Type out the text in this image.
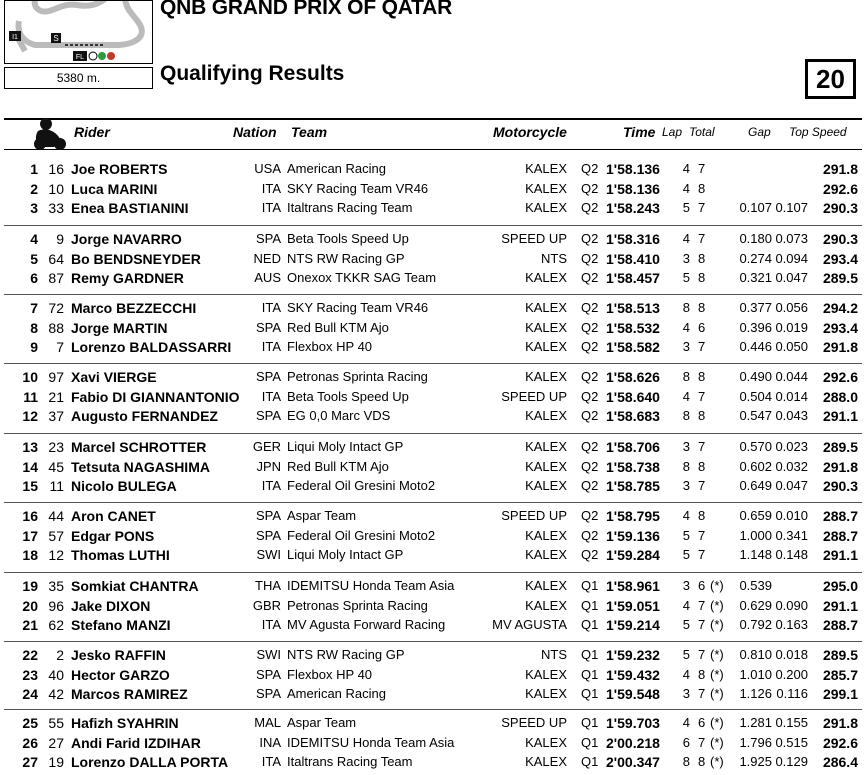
I1	S
FL
5380 m.
QNB GRAND PRIX OF QATAR
Qualifying Results	20
Rider	Nation Team	Motorcycle	Time Lap Total	Gap Top Speed
1 16 Joe ROBERTS	USA American Racing	KALEX Q2 1'58.136 4 7	291.8
2 10 Luca MARINI	ITA SKY Racing Team VR46	KALEX Q2 1'58.136 4 8	292.6
3 33 Enea BASTIANINI	ITA Italtrans Racing Team	KALEX Q2 1'58.243 5 7	0.107 0.107	290.3
4	9 Jorge NAVARRO	SPA Beta Tools Speed Up	SPEED UP Q2 1'58.316 4 7	0.180 0.073	290.3
5 64 Bo BENDSNEYDER	NED NTS RW Racing GP	NTS Q2 1'58.410 3 8	0.274 0.094	293.4
6 87 Remy GARDNER	AUS Onexox TKKR SAG Team	KALEX Q2 1'58.457 5 8	0.321 0.047	289.5
7 72 Marco BEZZECCHI	ITA SKY Racing Team VR46	KALEX Q2 1'58.513 8 8	0.377 0.056	294.2
8 88 Jorge MARTIN	SPA Red Bull KTM Ajo	KALEX Q2 1'58.532 4 6	0.396 0.019	293.4
9	7 Lorenzo BALDASSARRI	ITA Flexbox HP 40	KALEX Q2 1'58.582 3 7	0.446 0.050	291.8
10 97 Xavi VIERGE	SPA Petronas Sprinta Racing	KALEX Q2 1'58.626 8 8	0.490 0.044	292.6
11 21 Fabio DI GIANNANTONIO	ITA Beta Tools Speed Up	SPEED UP Q2 1'58.640 4 7	0.504 0.014	288.0
12 37 Augusto FERNANDEZ	SPA EG 0,0 Marc VDS	KALEX Q2 1'58.683 8 8	0.547 0.043	291.1
13 23 Marcel SCHROTTER	GER Liqui Moly Intact GP	KALEX Q2 1'58.706 3 7	0.570 0.023	289.5
14 45 Tetsuta NAGASHIMA	JPN Red Bull KTM Ajo	KALEX Q2 1'58.738 8 8	0.602 0.032	291.8
15 11 Nicolo BULEGA	ITA Federal Oil Gresini Moto2	KALEX Q2 1'58.785 3 7	0.649 0.047	290.3
16 44 Aron CANET	SPA Aspar Team	SPEED UP Q2 1'58.795 4 8	0.659 0.010	288.7
17 57 Edgar PONS	SPA Federal Oil Gresini Moto2	KALEX Q2 1'59.136 5 7	1.000 0.341	288.7
18 12 Thomas LUTHI	SWI Liqui Moly Intact GP	KALEX Q2 1'59.284 5 7	1.148 0.148	291.1
19 35 Somkiat CHANTRA	THA IDEMITSU Honda Team Asia	KALEX Q1 1'58.961 3 6 (*)	0.539	295.0
20 96 Jake DIXON	GBR Petronas Sprinta Racing	KALEX Q1 1'59.051 4 7 (*)	0.629 0.090	291.1
21 62 Stefano MANZI	ITA MV Agusta Forward Racing	MV AGUSTA Q1 1'59.214 5 7 (*)	0.792 0.163	288.7
22	2 Jesko RAFFIN	SWI NTS RW Racing GP	NTS Q1 1'59.232 5 7 (*)	0.810 0.018	289.5
23 40 Hector GARZO	SPA Flexbox HP 40	KALEX Q1 1'59.432 4 8 (*)	1.010 0.200	285.7
24 42 Marcos RAMIREZ	SPA American Racing	KALEX Q1 1'59.548 3 7 (*)	1.126 0.116	299.1
25 55 Hafizh SYAHRIN	MAL Aspar Team	SPEED UP Q1 1'59.703 4 6 (*)	1.281 0.155	291.8
26 27 Andi Farid IZDIHAR	INA IDEMITSU Honda Team Asia	KALEX Q1 2'00.218 6 7 (*)	1.796 0.515	292.6
27 19 Lorenzo DALLA PORTA	ITA Italtrans Racing Team	KALEX Q1 2'00.347 8 8 (*)	1.925 0.129	286.4
